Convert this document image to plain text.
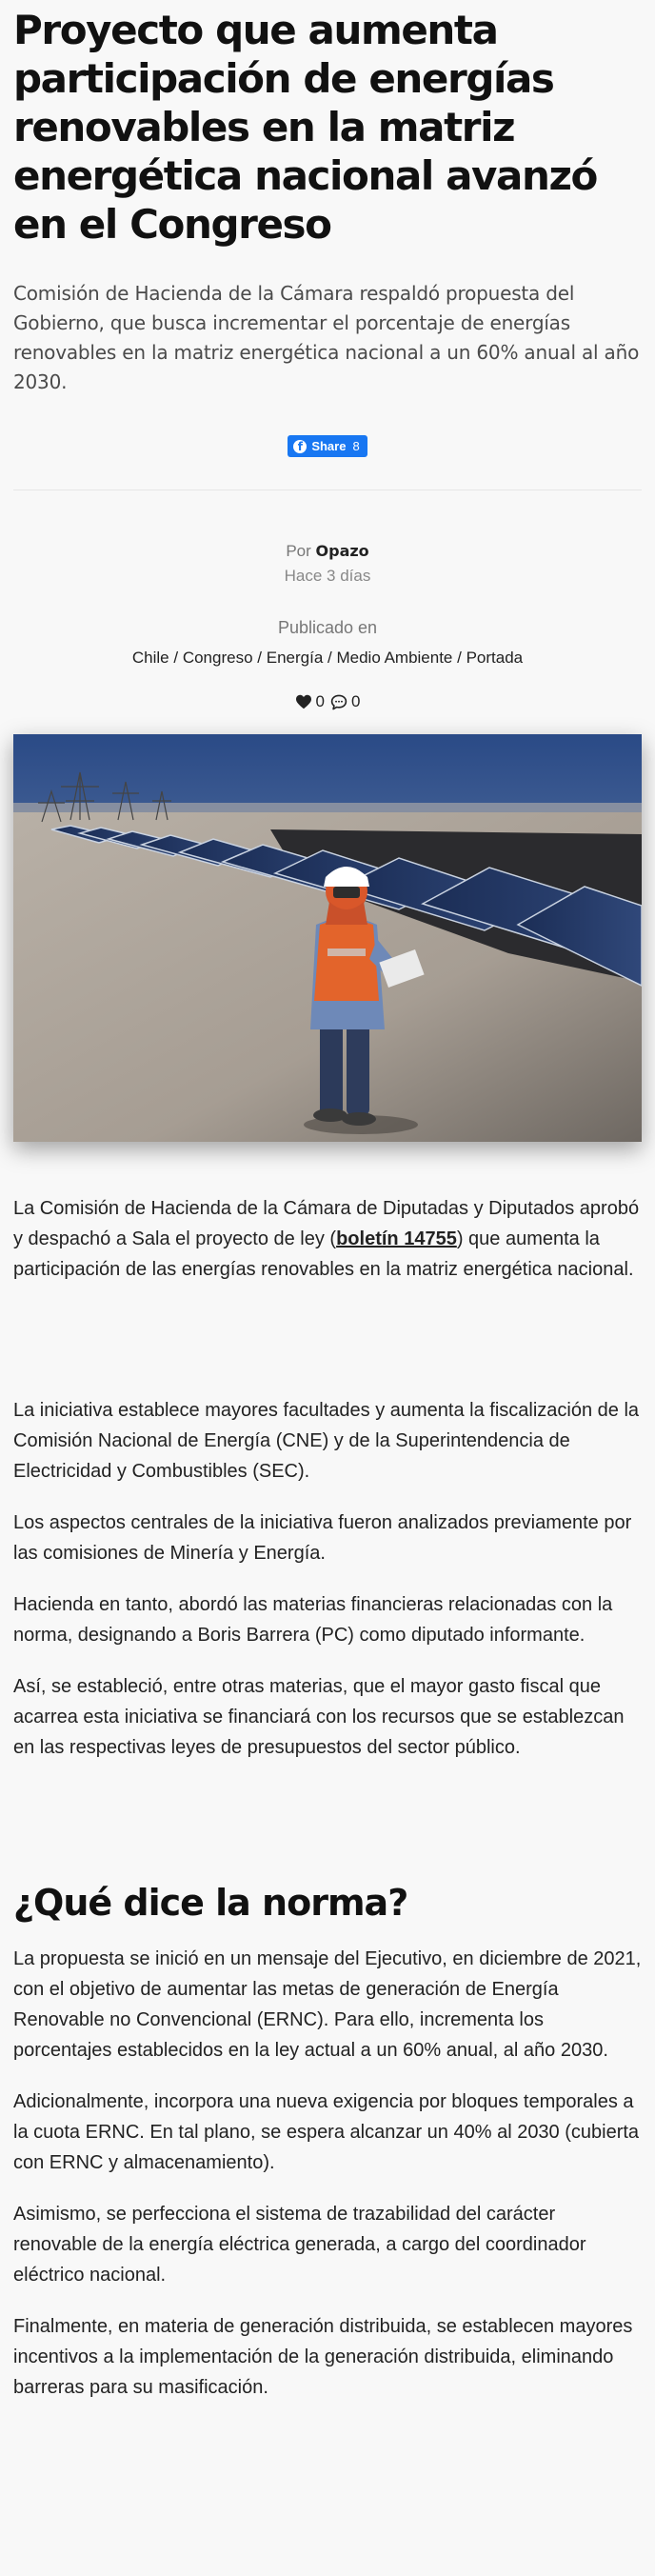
Proyecto que aumenta participación de energías renovables en la matriz energética nacional avanzó en el Congreso

Comisión de Hacienda de la Cámara respaldó propuesta del Gobierno, que busca incrementar el porcentaje de energías renovables en la matriz energética nacional a un 60% anual al año 2030.

f Share 8
Por Opazo
Hace 3 días
Publicado en
Chile / Congreso / Energía / Medio Ambiente / Portada
0 0

La Comisión de Hacienda de la Cámara de Diputadas y Diputados aprobó y despachó a Sala el proyecto de ley (boletín 14755) que aumenta la participación de las energías renovables en la matriz energética nacional.

La iniciativa establece mayores facultades y aumenta la fiscalización de la Comisión Nacional de Energía (CNE) y de la Superintendencia de Electricidad y Combustibles (SEC).

Los aspectos centrales de la iniciativa fueron analizados previamente por las comisiones de Minería y Energía.

Hacienda en tanto, abordó las materias financieras relacionadas con la norma, designando a Boris Barrera (PC) como diputado informante.

Así, se estableció, entre otras materias, que el mayor gasto fiscal que acarrea esta iniciativa se financiará con los recursos que se establezcan en las respectivas leyes de presupuestos del sector público.

¿Qué dice la norma?

La propuesta se inició en un mensaje del Ejecutivo, en diciembre de 2021, con el objetivo de aumentar las metas de generación de Energía Renovable no Convencional (ERNC). Para ello, incrementa los porcentajes establecidos en la ley actual a un 60% anual, al año 2030.

Adicionalmente, incorpora una nueva exigencia por bloques temporales a la cuota ERNC. En tal plano, se espera alcanzar un 40% al 2030 (cubierta con ERNC y almacenamiento).

Asimismo, se perfecciona el sistema de trazabilidad del carácter renovable de la energía eléctrica generada, a cargo del coordinador eléctrico nacional.

Finalmente, en materia de generación distribuida, se establecen mayores incentivos a la implementación de la generación distribuida, eliminando barreras para su masificación.
